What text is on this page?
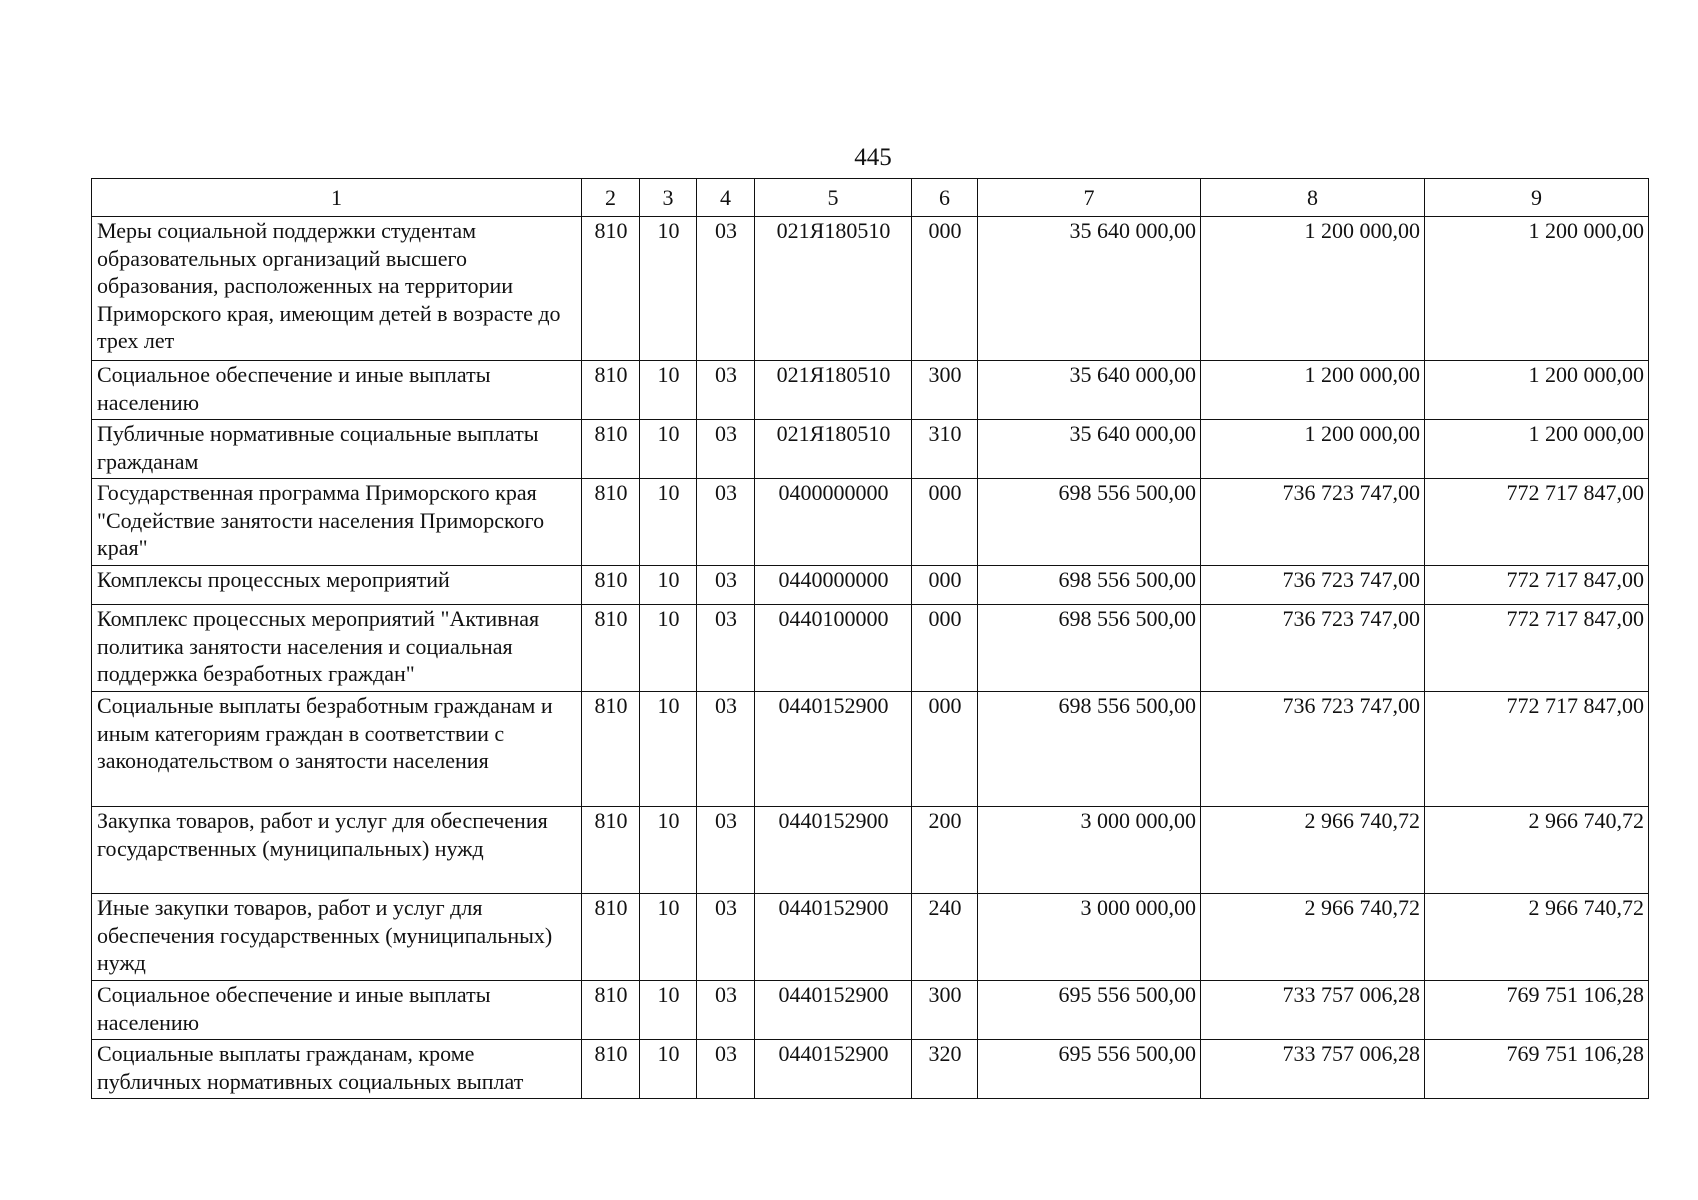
445
1	2	3	4	5	6	7	8	9
Меры социальной поддержки студентам образовательных организаций высшего образования, расположенных на территории Приморского края, имеющим детей в возрасте до трех лет	810	10	03	021Я180510	000	35 640 000,00	1 200 000,00	1 200 000,00
Социальное обеспечение и иные выплаты населению	810	10	03	021Я180510	300	35 640 000,00	1 200 000,00	1 200 000,00
Публичные нормативные социальные выплаты гражданам	810	10	03	021Я180510	310	35 640 000,00	1 200 000,00	1 200 000,00
Государственная программа Приморского края "Содействие занятости населения Приморского края"	810	10	03	0400000000	000	698 556 500,00	736 723 747,00	772 717 847,00
Комплексы процессных мероприятий	810	10	03	0440000000	000	698 556 500,00	736 723 747,00	772 717 847,00
Комплекс процессных мероприятий "Активная политика занятости населения и социальная поддержка безработных граждан"	810	10	03	0440100000	000	698 556 500,00	736 723 747,00	772 717 847,00
Социальные выплаты безработным гражданам и иным категориям граждан в соответствии с законодательством о занятости населения	810	10	03	0440152900	000	698 556 500,00	736 723 747,00	772 717 847,00
Закупка товаров, работ и услуг для обеспечения государственных (муниципальных) нужд	810	10	03	0440152900	200	3 000 000,00	2 966 740,72	2 966 740,72
Иные закупки товаров, работ и услуг для обеспечения государственных (муниципальных) нужд	810	10	03	0440152900	240	3 000 000,00	2 966 740,72	2 966 740,72
Социальное обеспечение и иные выплаты населению	810	10	03	0440152900	300	695 556 500,00	733 757 006,28	769 751 106,28
Социальные выплаты гражданам, кроме публичных нормативных социальных выплат	810	10	03	0440152900	320	695 556 500,00	733 757 006,28	769 751 106,28
